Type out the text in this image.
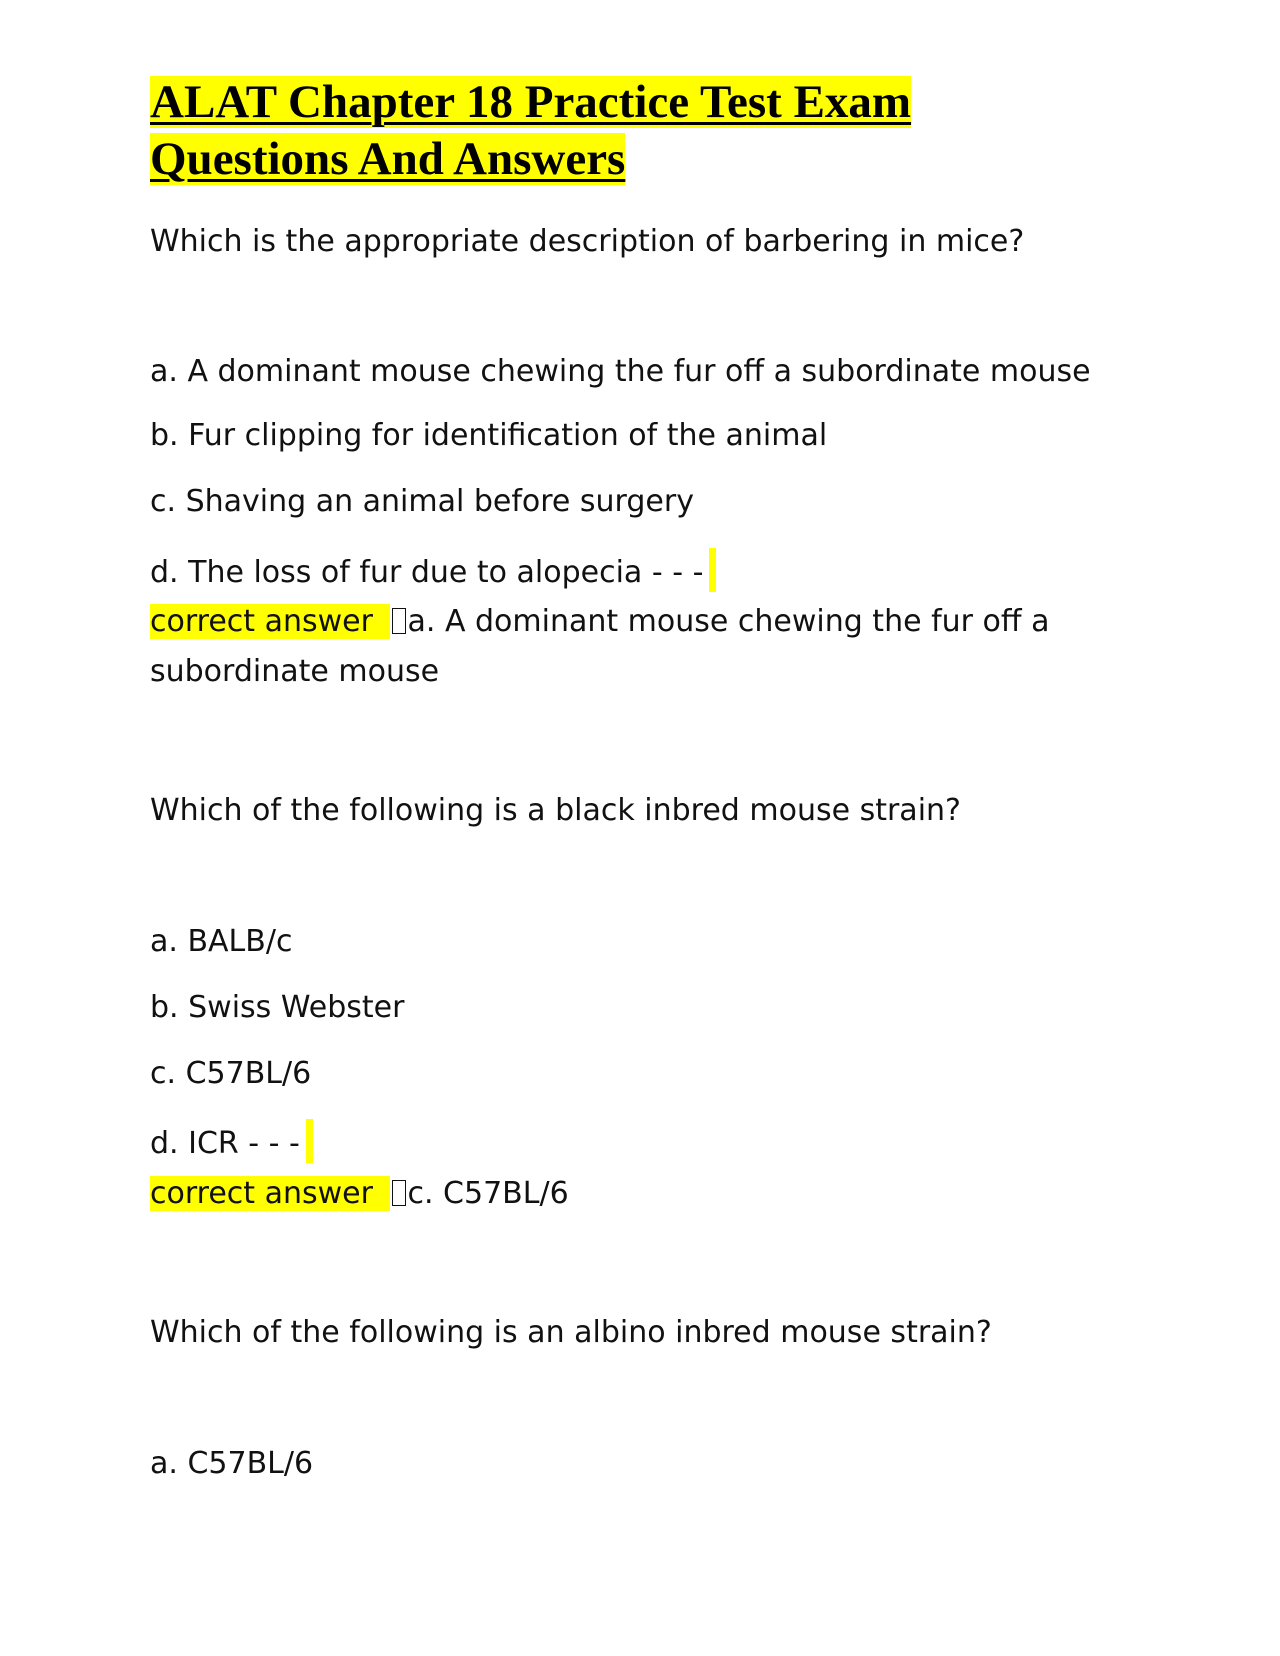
ALAT Chapter 18 Practice Test Exam
Questions And Answers

Which is the appropriate description of barbering in mice?

a. A dominant mouse chewing the fur off a subordinate mouse

b. Fur clipping for identification of the animal

c. Shaving an animal before surgery

d. The loss of fur due to alopecia - - -

correct answer a. A dominant mouse chewing the fur off a

subordinate mouse

Which of the following is a black inbred mouse strain?

a. BALB/c

b. Swiss Webster

c. C57BL/6

d. ICR - - -

correct answer c. C57BL/6

Which of the following is an albino inbred mouse strain?

a. C57BL/6
